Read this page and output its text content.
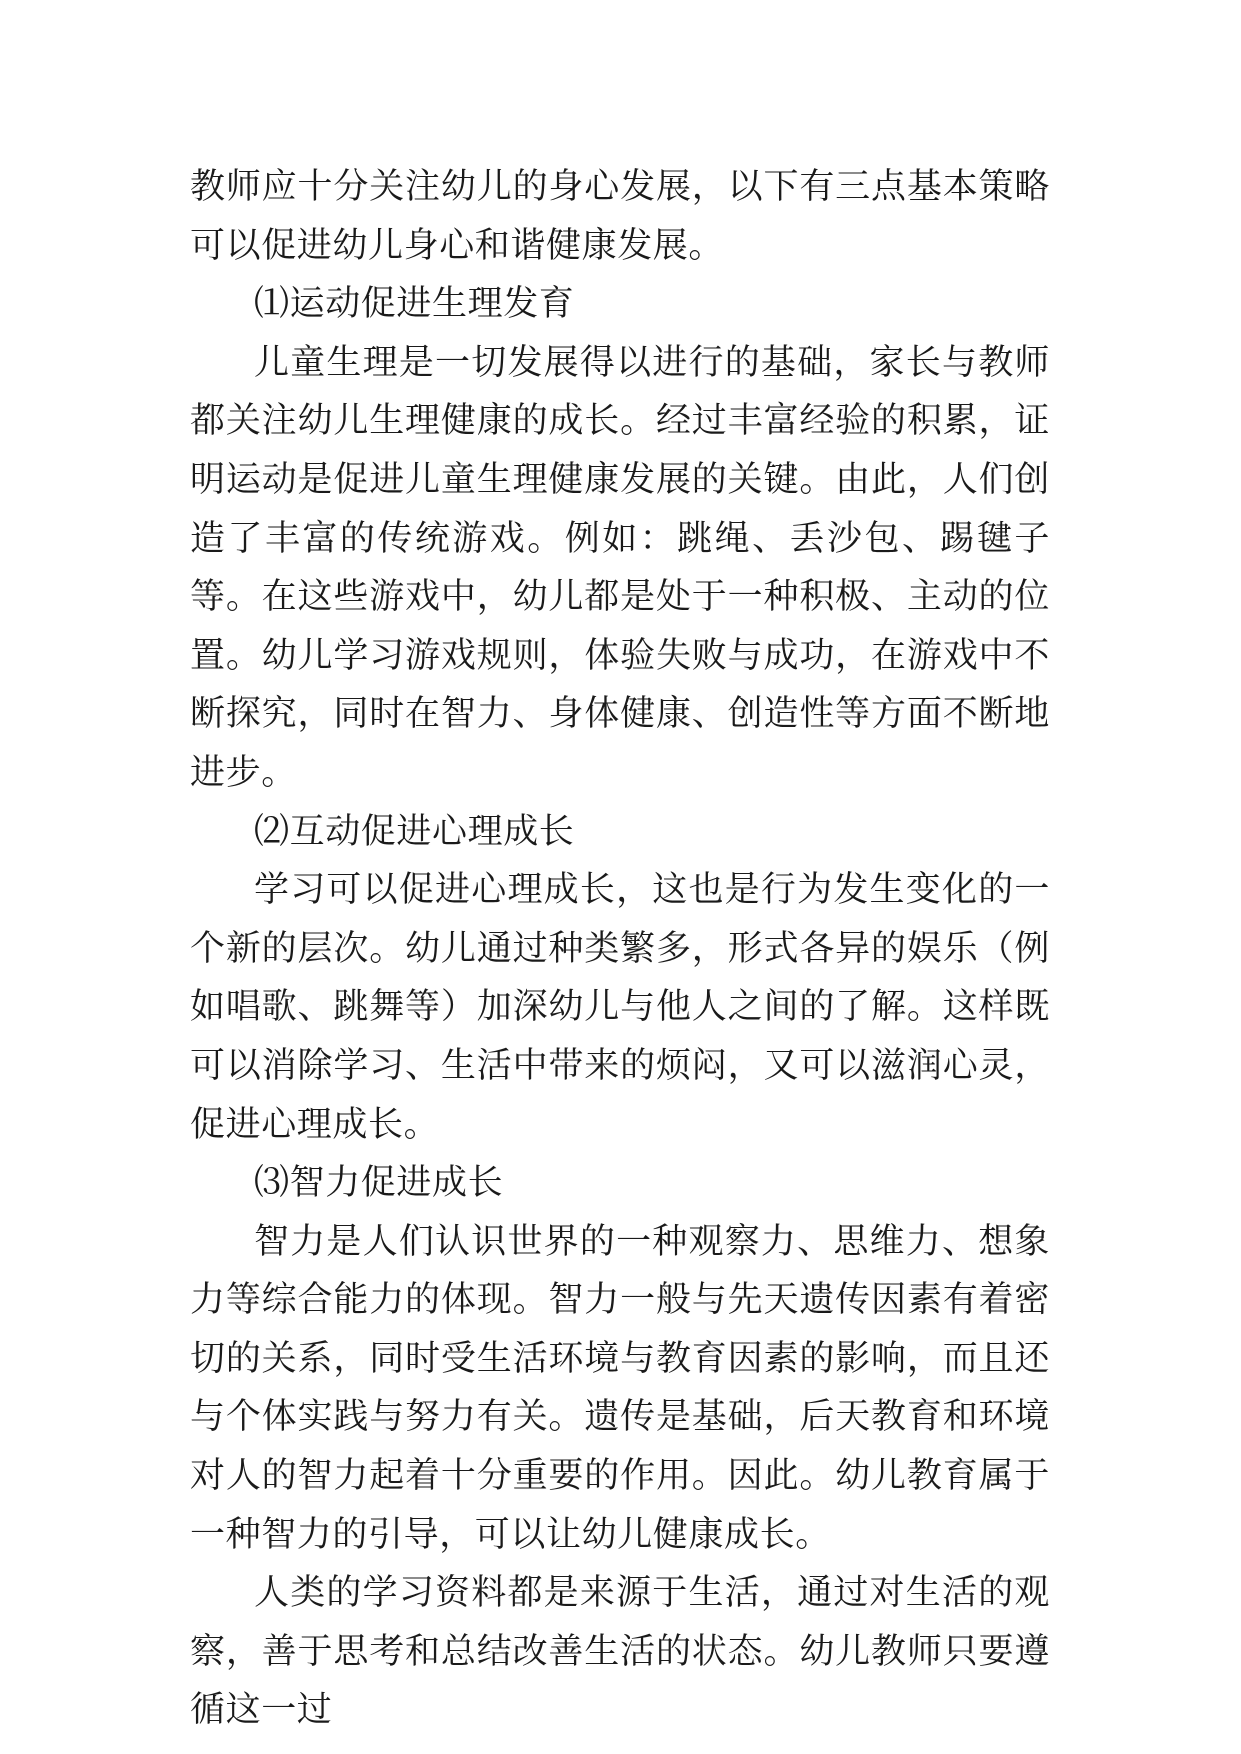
教师应十分关注幼儿的身心发展，以下有三点基本策略可以促进幼儿身心和谐健康发展。

⑴运动促进生理发育

儿童生理是一切发展得以进行的基础，家长与教师都关注幼儿生理健康的成长。经过丰富经验的积累，证明运动是促进儿童生理健康发展的关键。由此，人们创造了丰富的传统游戏。例如：跳绳、丢沙包、踢毽子等。在这些游戏中，幼儿都是处于一种积极、主动的位置。幼儿学习游戏规则，体验失败与成功，在游戏中不断探究，同时在智力、身体健康、创造性等方面不断地进步。

⑵互动促进心理成长

学习可以促进心理成长，这也是行为发生变化的一个新的层次。幼儿通过种类繁多，形式各异的娱乐（例如唱歌、跳舞等）加深幼儿与他人之间的了解。这样既可以消除学习、生活中带来的烦闷，又可以滋润心灵，促进心理成长。

⑶智力促进成长

智力是人们认识世界的一种观察力、思维力、想象力等综合能力的体现。智力一般与先天遗传因素有着密切的关系，同时受生活环境与教育因素的影响，而且还与个体实践与努力有关。遗传是基础，后天教育和环境对人的智力起着十分重要的作用。因此。幼儿教育属于一种智力的引导，可以让幼儿健康成长。

人类的学习资料都是来源于生活，通过对生活的观察，善于思考和总结改善生活的状态。幼儿教师只要遵循这一过
